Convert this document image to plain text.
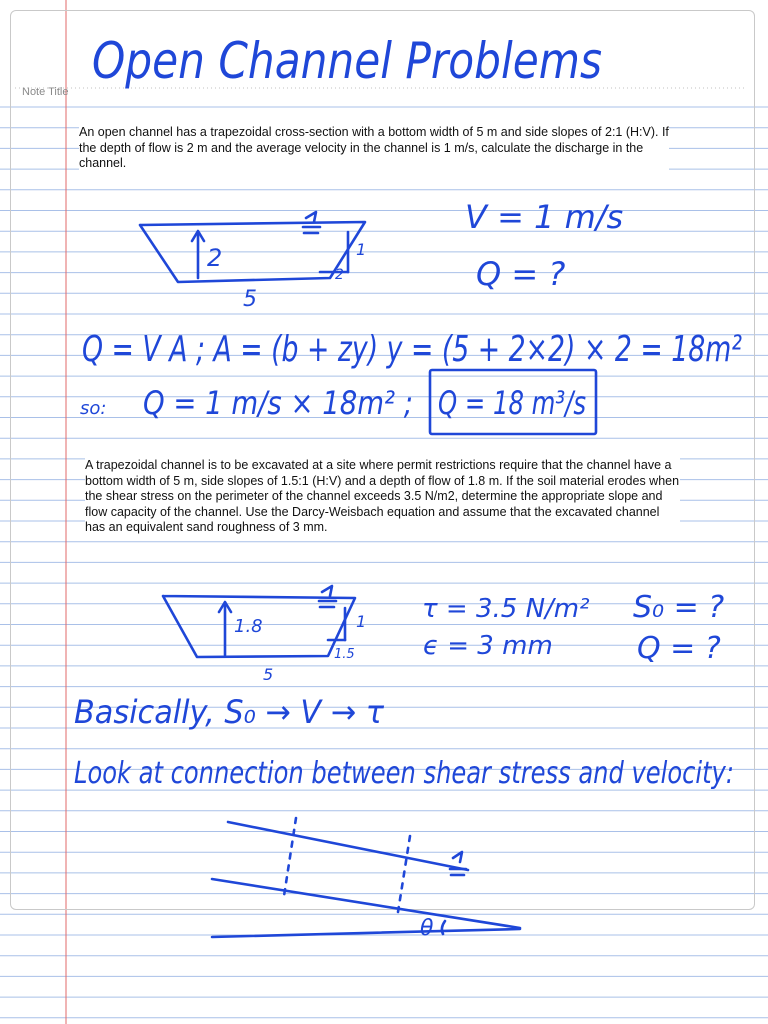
Note Title
An open channel has a trapezoidal cross-section with a bottom width of 5 m and side slopes of 2:1 (H:V). If the depth of flow is 2 m and the average velocity in the channel is 1 m/s, calculate the discharge in the channel.
A trapezoidal channel is to be excavated at a site where permit restrictions require that the channel have a bottom width of 5 m, side slopes of 1.5:1 (H:V) and a depth of flow of 1.8 m. If the soil material erodes when the shear stress on the perimeter of the channel exceeds 3.5 N/m2, determine the appropriate slope and flow capacity of the channel. Use the Darcy-Weisbach equation and assume that the excavated channel has an equivalent sand roughness of 3 mm.
Open Channel Problems
2	1
2
5
V = 1 m/s
Q = ?
Q = V A ; A = (b + zy) y = (5 + 2×2) × 2 = 18m²
so: Q = 1 m/s × 18m² ; Q = 18 m³/s
1.8	1
1.5
5
τ = 3.5 N/m²
ϵ = 3 mm
S₀ = ?
Q = ?
Basically, S₀ → V → τ
Look at connection between shear stress and velocity:
θ
